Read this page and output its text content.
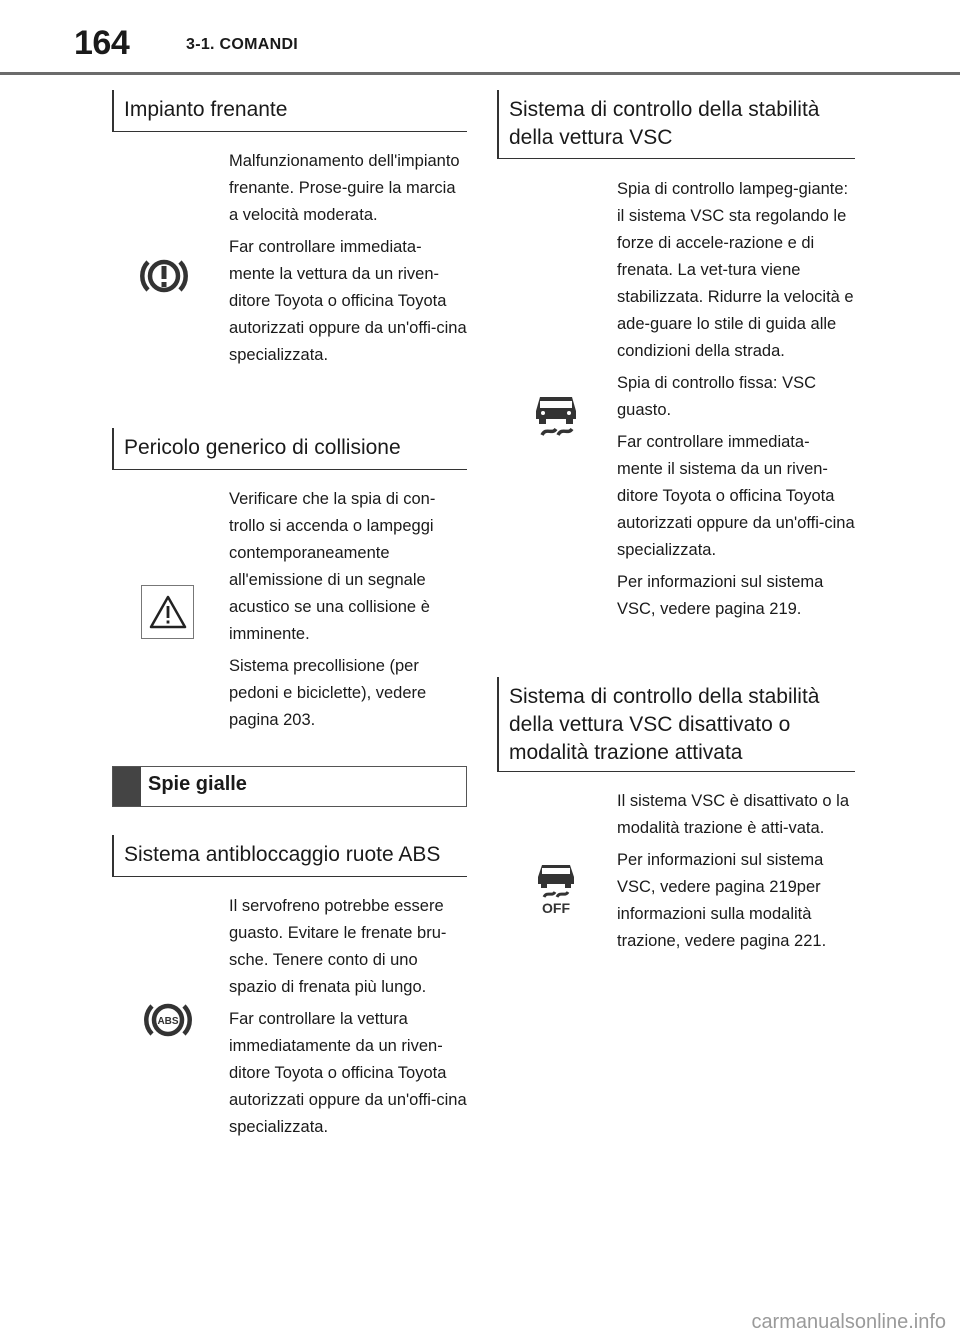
164	3-1. COMANDI
Impianto frenante

Malfunzionamento dell'impianto frenante. Prose-guire la marcia a velocità moderata.

Far controllare immediata-mente la vettura da un riven-ditore Toyota o officina Toyota autorizzati oppure da un'offi-cina specializzata.

Pericolo generico di collisione

Verificare che la spia di con-trollo si accenda o lampeggi contemporaneamente all'emissione di un segnale acustico se una collisione è imminente.

Sistema precollisione (per pedoni e biciclette), vedere pagina 203.

Spie gialle
Sistema antibloccaggio ruote ABS
ABS

Il servofreno potrebbe essere guasto. Evitare le frenate bru-sche. Tenere conto di uno spazio di frenata più lungo.

Far controllare la vettura immediatamente da un riven-ditore Toyota o officina Toyota autorizzati oppure da un'offi-cina specializzata.

Sistema di controllo della stabilità della vettura VSC

Spia di controllo lampeg-giante: il sistema VSC sta regolando le forze di accele-razione e di frenata. La vet-tura viene stabilizzata. Ridurre la velocità e ade-guare lo stile di guida alle condizioni della strada.

Spia di controllo fissa: VSC guasto.

Far controllare immediata-mente il sistema da un riven-ditore Toyota o officina Toyota autorizzati oppure da un'offi-cina specializzata.

Per informazioni sul sistema VSC, vedere pagina 219.

Sistema di controllo della stabilità della vettura VSC disattivato o modalità trazione attivata
OFF

Il sistema VSC è disattivato o la modalità trazione è atti-vata.

Per informazioni sul sistema VSC, vedere pagina 219per informazioni sulla modalità trazione, vedere pagina 221.

carmanualsonline.info
